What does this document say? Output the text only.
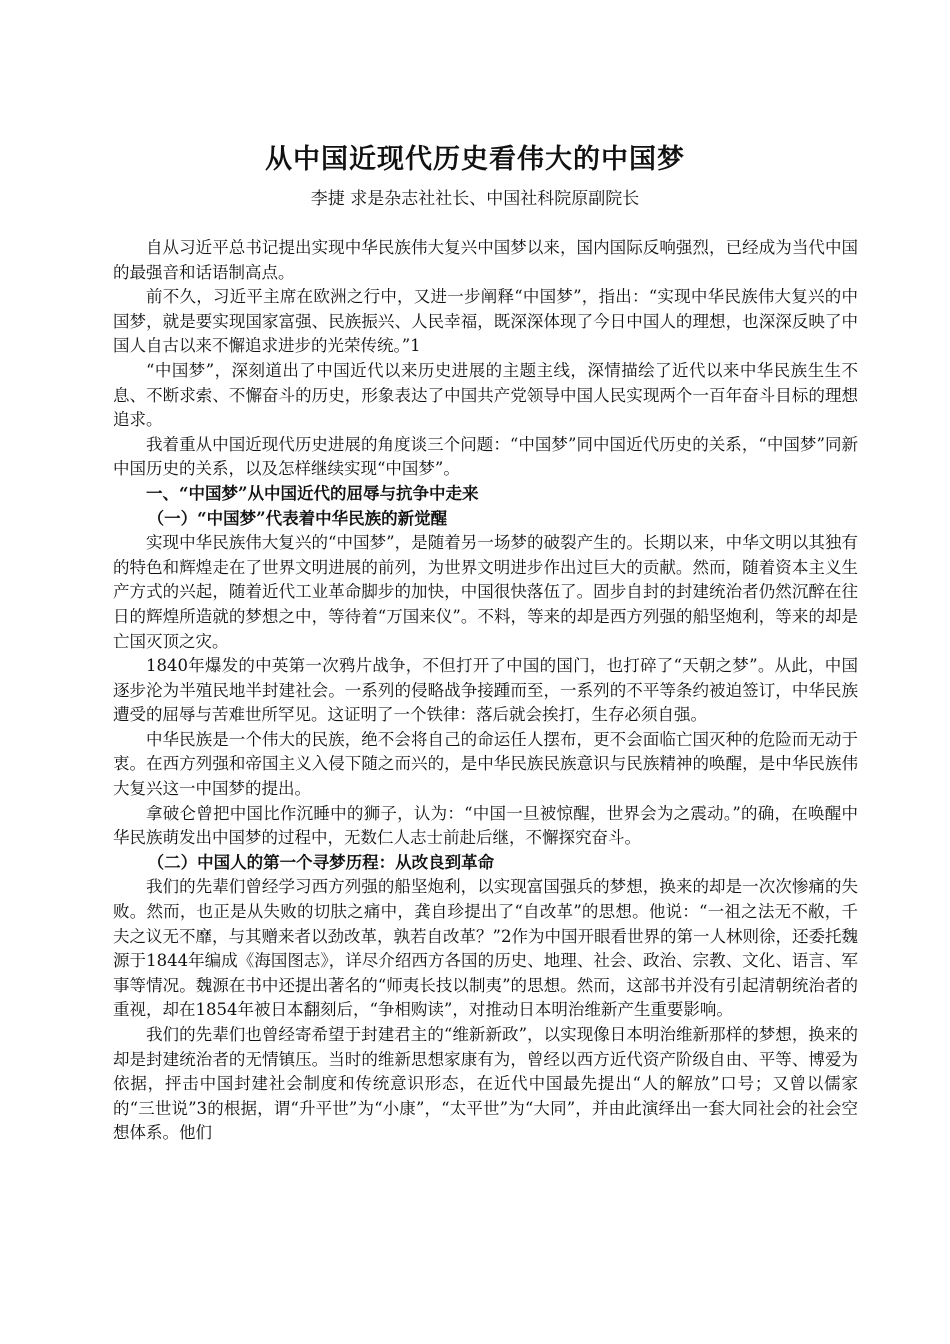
从中国近现代历史看伟大的中国梦
李捷 求是杂志社社长、中国社科院原副院长

自从习近平总书记提出实现中华民族伟大复兴中国梦以来，国内国际反响强烈，已经成为当代中国的最强音和话语制高点。

前不久，习近平主席在欧洲之行中，又进一步阐释“中国梦”，指出：“实现中华民族伟大复兴的中国梦，就是要实现国家富强、民族振兴、人民幸福，既深深体现了今日中国人的理想，也深深反映了中国人自古以来不懈追求进步的光荣传统。”1

“中国梦”，深刻道出了中国近代以来历史进展的主题主线，深情描绘了近代以来中华民族生生不息、不断求索、不懈奋斗的历史，形象表达了中国共产党领导中国人民实现两个一百年奋斗目标的理想追求。

我着重从中国近现代历史进展的角度谈三个问题：“中国梦”同中国近代历史的关系，“中国梦”同新中国历史的关系，以及怎样继续实现“中国梦”。

一、“中国梦”从中国近代的屈辱与抗争中走来

（一）“中国梦”代表着中华民族的新觉醒

实现中华民族伟大复兴的“中国梦”，是随着另一场梦的破裂产生的。长期以来，中华文明以其独有的特色和辉煌走在了世界文明进展的前列，为世界文明进步作出过巨大的贡献。然而，随着资本主义生产方式的兴起，随着近代工业革命脚步的加快，中国很快落伍了。固步自封的封建统治者仍然沉醉在往日的辉煌所造就的梦想之中，等待着“万国来仪”。不料，等来的却是西方列强的船坚炮利，等来的却是亡国灭顶之灾。

1840年爆发的中英第一次鸦片战争，不但打开了中国的国门，也打碎了“天朝之梦”。从此，中国逐步沦为半殖民地半封建社会。一系列的侵略战争接踵而至，一系列的不平等条约被迫签订，中华民族遭受的屈辱与苦难世所罕见。这证明了一个铁律：落后就会挨打，生存必须自强。

中华民族是一个伟大的民族，绝不会将自己的命运任人摆布，更不会面临亡国灭种的危险而无动于衷。在西方列强和帝国主义入侵下随之而兴的，是中华民族民族意识与民族精神的唤醒，是中华民族伟大复兴这一中国梦的提出。

拿破仑曾把中国比作沉睡中的狮子，认为：“中国一旦被惊醒，世界会为之震动。”的确，在唤醒中华民族萌发出中国梦的过程中，无数仁人志士前赴后继，不懈探究奋斗。

（二）中国人的第一个寻梦历程：从改良到革命

我们的先辈们曾经学习西方列强的船坚炮利，以实现富国强兵的梦想，换来的却是一次次惨痛的失败。然而，也正是从失败的切肤之痛中，龚自珍提出了“自改革”的思想。他说：“一祖之法无不敝，千夫之议无不靡，与其赠来者以劲改革，孰若自改革？”2作为中国开眼看世界的第一人林则徐，还委托魏源于1844年编成《海国图志》，详尽介绍西方各国的历史、地理、社会、政治、宗教、文化、语言、军事等情况。魏源在书中还提出著名的“师夷长技以制夷”的思想。然而，这部书并没有引起清朝统治者的重视，却在1854年被日本翻刻后，“争相购读”，对推动日本明治维新产生重要影响。

我们的先辈们也曾经寄希望于封建君主的“维新新政”，以实现像日本明治维新那样的梦想，换来的却是封建统治者的无情镇压。当时的维新思想家康有为，曾经以西方近代资产阶级自由、平等、博爱为依据，抨击中国封建社会制度和传统意识形态，在近代中国最先提出“人的解放”口号；又曾以儒家的“三世说”3的根据，谓“升平世”为“小康”，“太平世”为“大同”，并由此演绎出一套大同社会的社会空想体系。他们
